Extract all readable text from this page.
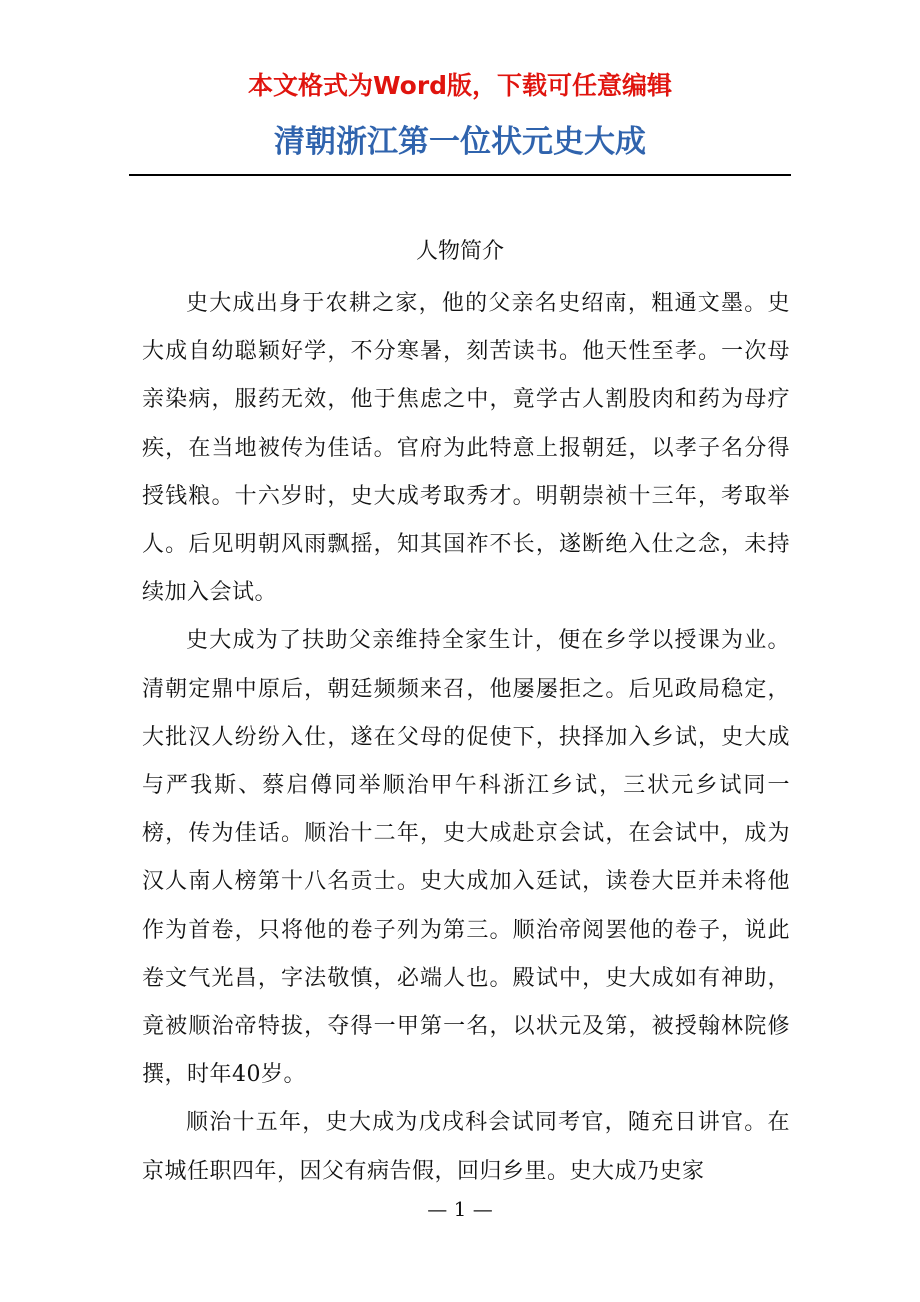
本文格式为Word版，下载可任意编辑
清朝浙江第一位状元史大成
人物简介

史大成出身于农耕之家，他的父亲名史绍南，粗通文墨。史大成自幼聪颖好学，不分寒暑，刻苦读书。他天性至孝。一次母亲染病，服药无效，他于焦虑之中，竟学古人割股肉和药为母疗疾，在当地被传为佳话。官府为此特意上报朝廷，以孝子名分得授钱粮。十六岁时，史大成考取秀才。明朝崇祯十三年，考取举人。后见明朝风雨飘摇，知其国祚不长，遂断绝入仕之念，未持续加入会试。

史大成为了扶助父亲维持全家生计，便在乡学以授课为业。清朝定鼎中原后，朝廷频频来召，他屡屡拒之。后见政局稳定，大批汉人纷纷入仕，遂在父母的促使下，抉择加入乡试，史大成与严我斯、蔡启僔同举顺治甲午科浙江乡试，三状元乡试同一榜，传为佳话。顺治十二年，史大成赴京会试，在会试中，成为汉人南人榜第十八名贡士。史大成加入廷试，读卷大臣并未将他作为首卷，只将他的卷子列为第三。顺治帝阅罢他的卷子，说此卷文气光昌，字法敬慎，必端人也。殿试中，史大成如有神助，竟被顺治帝特拔，夺得一甲第一名，以状元及第，被授翰林院修撰，时年40岁。

顺治十五年，史大成为戊戌科会试同考官，随充日讲官。在京城任职四年，因父有病告假，回归乡里。史大成乃史家

— 1 —
